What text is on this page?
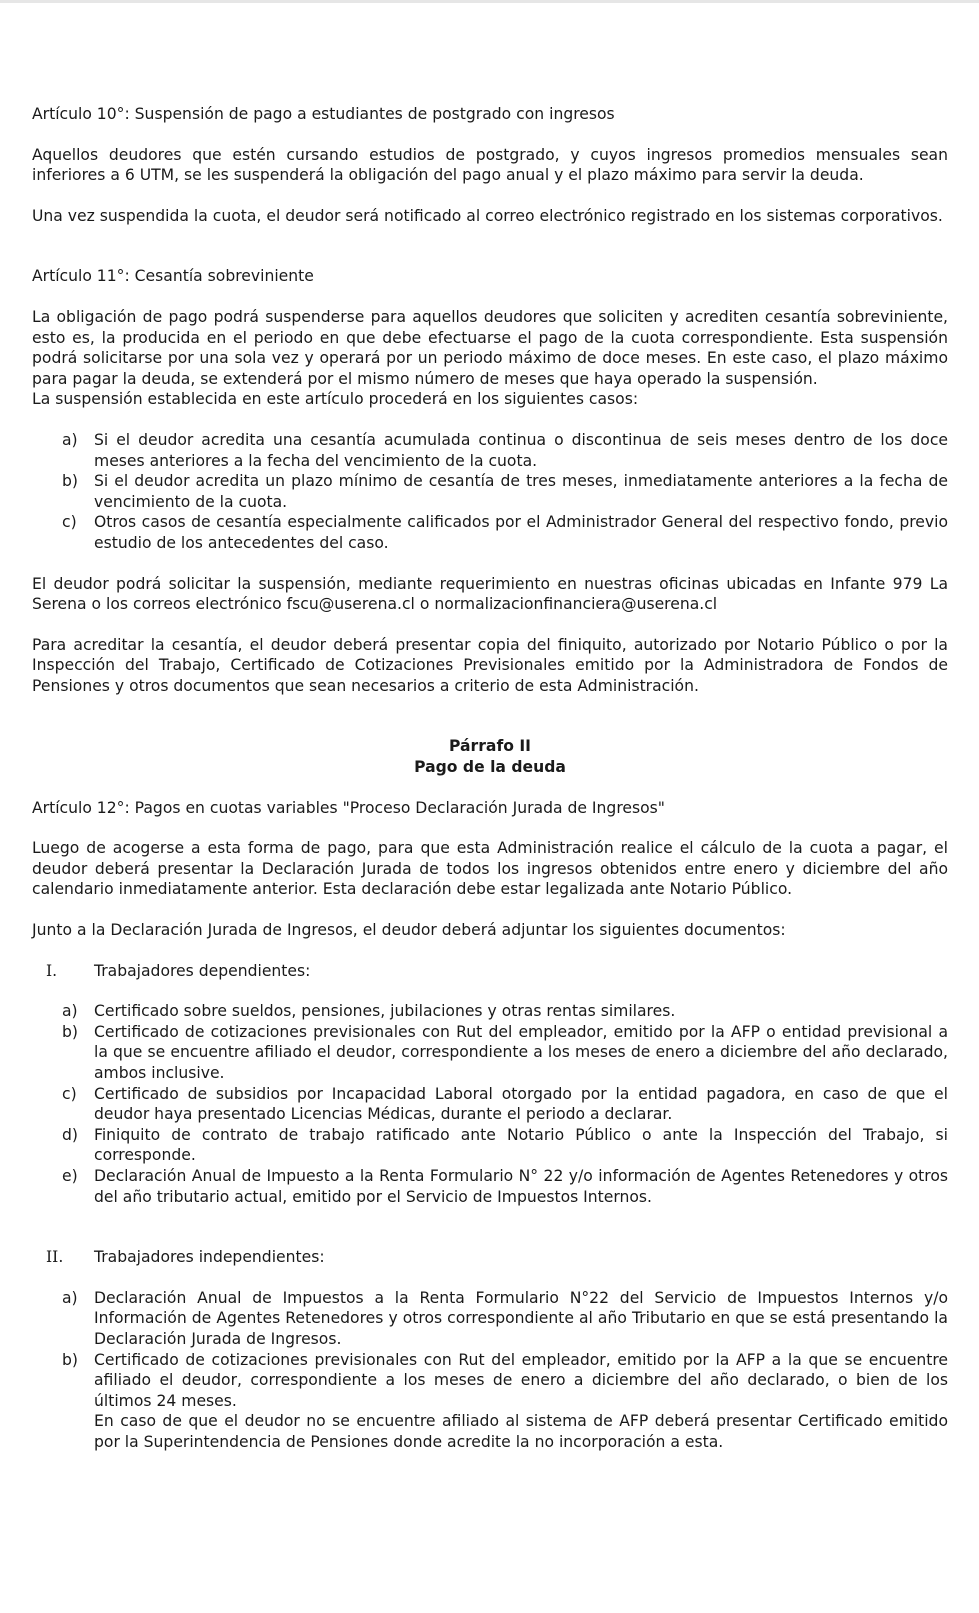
Artículo 10°: Suspensión de pago a estudiantes de postgrado con ingresos

Aquellos deudores que estén cursando estudios de postgrado, y cuyos ingresos promedios mensuales sean inferiores a 6 UTM, se les suspenderá la obligación del pago anual y el plazo máximo para servir la deuda.

Una vez suspendida la cuota, el deudor será notificado al correo electrónico registrado en los sistemas corporativos.

Artículo 11°: Cesantía sobreviniente

La obligación de pago podrá suspenderse para aquellos deudores que soliciten y acrediten cesantía sobreviniente, esto es, la producida en el periodo en que debe efectuarse el pago de la cuota correspondiente. Esta suspensión podrá solicitarse por una sola vez y operará por un periodo máximo de doce meses. En este caso, el plazo máximo para pagar la deuda, se extenderá por el mismo número de meses que haya operado la suspensión.

La suspensión establecida en este artículo procederá en los siguientes casos:

a) Si el deudor acredita una cesantía acumulada continua o discontinua de seis meses dentro de los doce meses anteriores a la fecha del vencimiento de la cuota.
b) Si el deudor acredita un plazo mínimo de cesantía de tres meses, inmediatamente anteriores a la fecha de vencimiento de la cuota.
c) Otros casos de cesantía especialmente calificados por el Administrador General del respectivo fondo, previo estudio de los antecedentes del caso.

El deudor podrá solicitar la suspensión, mediante requerimiento en nuestras oficinas ubicadas en Infante 979 La Serena o los correos electrónico fscu@userena.cl o normalizacionfinanciera@userena.cl

Para acreditar la cesantía, el deudor deberá presentar copia del finiquito, autorizado por Notario Público o por la Inspección del Trabajo, Certificado de Cotizaciones Previsionales emitido por la Administradora de Fondos de Pensiones y otros documentos que sean necesarios a criterio de esta Administración.

Párrafo II

Pago de la deuda

Artículo 12°: Pagos en cuotas variables "Proceso Declaración Jurada de Ingresos"

Luego de acogerse a esta forma de pago, para que esta Administración realice el cálculo de la cuota a pagar, el deudor deberá presentar la Declaración Jurada de todos los ingresos obtenidos entre enero y diciembre del año calendario inmediatamente anterior. Esta declaración debe estar legalizada ante Notario Público.

Junto a la Declaración Jurada de Ingresos, el deudor deberá adjuntar los siguientes documentos:

I. Trabajadores dependientes:

a) Certificado sobre sueldos, pensiones, jubilaciones y otras rentas similares.
b) Certificado de cotizaciones previsionales con Rut del empleador, emitido por la AFP o entidad previsional a la que se encuentre afiliado el deudor, correspondiente a los meses de enero a diciembre del año declarado, ambos inclusive.
c) Certificado de subsidios por Incapacidad Laboral otorgado por la entidad pagadora, en caso de que el deudor haya presentado Licencias Médicas, durante el periodo a declarar.
d) Finiquito de contrato de trabajo ratificado ante Notario Público o ante la Inspección del Trabajo, si corresponde.
e) Declaración Anual de Impuesto a la Renta Formulario N° 22 y/o información de Agentes Retenedores y otros del año tributario actual, emitido por el Servicio de Impuestos Internos.

II. Trabajadores independientes:

a) Declaración Anual de Impuestos a la Renta Formulario N°22 del Servicio de Impuestos Internos y/o Información de Agentes Retenedores y otros correspondiente al año Tributario en que se está presentando la Declaración Jurada de Ingresos.
b) Certificado de cotizaciones previsionales con Rut del empleador, emitido por la AFP a la que se encuentre afiliado el deudor, correspondiente a los meses de enero a diciembre del año declarado, o bien de los últimos 24 meses.

En caso de que el deudor no se encuentre afiliado al sistema de AFP deberá presentar Certificado emitido por la Superintendencia de Pensiones donde acredite la no incorporación a esta.
